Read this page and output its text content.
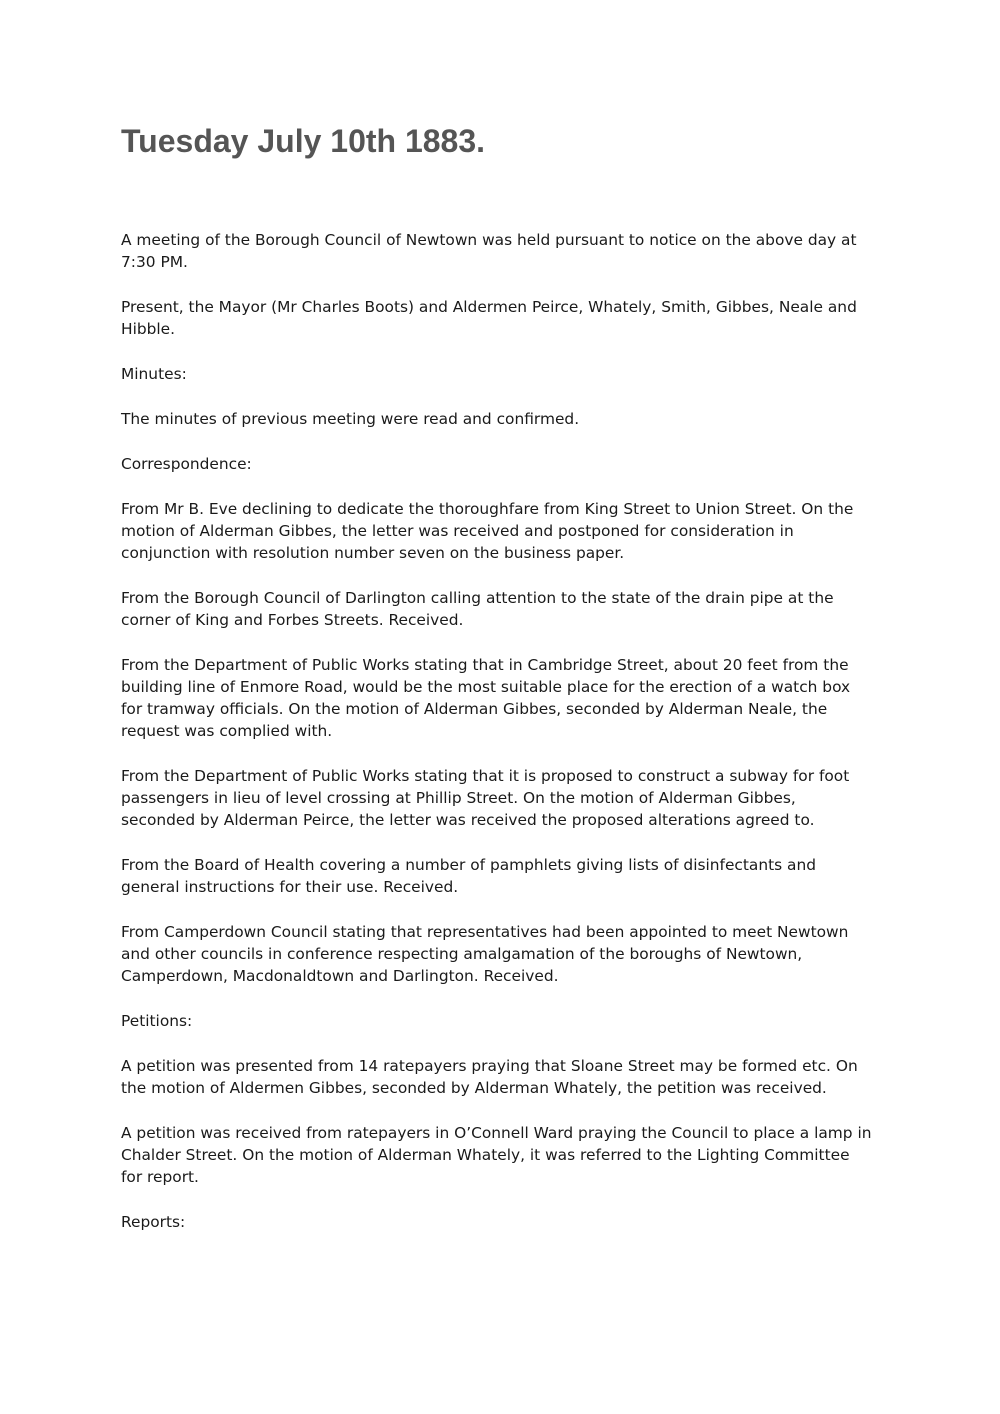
Tuesday July 10th 1883.

A meeting of the Borough Council of Newtown was held pursuant to notice on the above day at
7:30 PM.

Present, the Mayor (Mr Charles Boots) and Aldermen Peirce, Whately, Smith, Gibbes, Neale and
Hibble.

Minutes:

The minutes of previous meeting were read and confirmed.

Correspondence:

From Mr B. Eve declining to dedicate the thoroughfare from King Street to Union Street. On the
motion of Alderman Gibbes, the letter was received and postponed for consideration in
conjunction with resolution number seven on the business paper.

From the Borough Council of Darlington calling attention to the state of the drain pipe at the
corner of King and Forbes Streets. Received.

From the Department of Public Works stating that in Cambridge Street, about 20 feet from the
building line of Enmore Road, would be the most suitable place for the erection of a watch box
for tramway officials. On the motion of Alderman Gibbes, seconded by Alderman Neale, the
request was complied with.

From the Department of Public Works stating that it is proposed to construct a subway for foot
passengers in lieu of level crossing at Phillip Street. On the motion of Alderman Gibbes,
seconded by Alderman Peirce, the letter was received the proposed alterations agreed to.

From the Board of Health covering a number of pamphlets giving lists of disinfectants and
general instructions for their use. Received.

From Camperdown Council stating that representatives had been appointed to meet Newtown
and other councils in conference respecting amalgamation of the boroughs of Newtown,
Camperdown, Macdonaldtown and Darlington. Received.

Petitions:

A petition was presented from 14 ratepayers praying that Sloane Street may be formed etc. On
the motion of Aldermen Gibbes, seconded by Alderman Whately, the petition was received.

A petition was received from ratepayers in O’Connell Ward praying the Council to place a lamp in
Chalder Street. On the motion of Alderman Whately, it was referred to the Lighting Committee
for report.

Reports:
